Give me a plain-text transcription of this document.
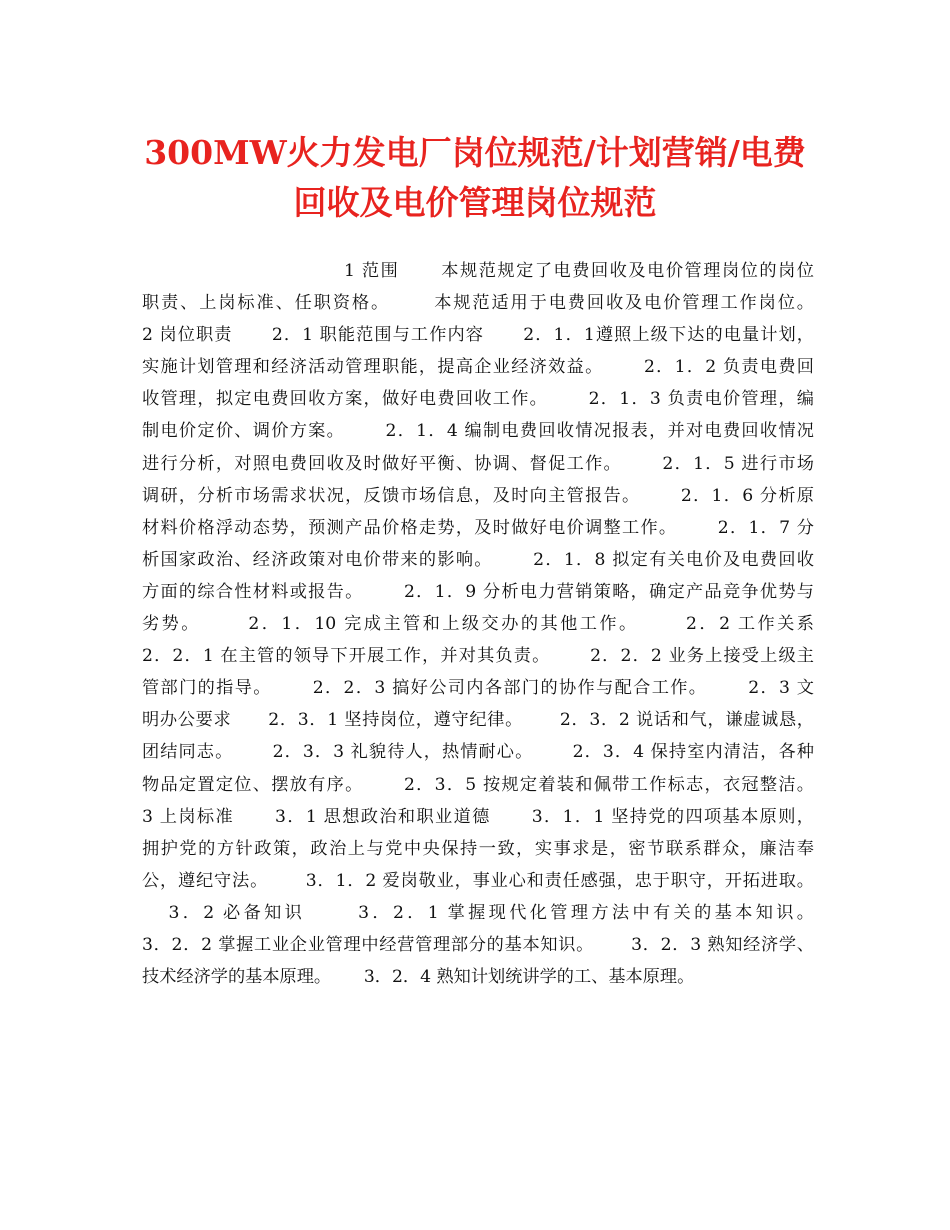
300MW火力发电厂岗位规范/计划营销/电费
回收及电价管理岗位规范
1 范围      本规范规定了电费回收及电价管理岗位的岗位
职责、上岗标准、任职资格。      本规范适用于电费回收及电价管理工作岗位。
2 岗位职责      2．1 职能范围与工作内容      2．1．1遵照上级下达的电量计划，
实施计划管理和经济活动管理职能，提高企业经济效益。      2．1．2 负责电费回
收管理，拟定电费回收方案，做好电费回收工作。      2．1．3 负责电价管理，编
制电价定价、调价方案。      2．1．4 编制电费回收情况报表，并对电费回收情况
进行分析，对照电费回收及时做好平衡、协调、督促工作。      2．1．5 进行市场
调研，分析市场需求状况，反馈市场信息，及时向主管报告。      2．1．6 分析原
材料价格浮动态势，预测产品价格走势，及时做好电价调整工作。      2．1．7 分
析国家政治、经济政策对电价带来的影响。      2．1．8 拟定有关电价及电费回收
方面的综合性材料或报告。      2．1．9 分析电力营销策略，确定产品竞争优势与
劣势。      2．1．10 完成主管和上级交办的其他工作。      2．2 工作关系
2．2．1 在主管的领导下开展工作，并对其负责。      2．2．2 业务上接受上级主
管部门的指导。      2．2．3 搞好公司内各部门的协作与配合工作。      2．3 文
明办公要求      2．3．1 坚持岗位，遵守纪律。      2．3．2 说话和气，谦虚诚恳，
团结同志。      2．3．3 礼貌待人，热情耐心。      2．3．4 保持室内清洁，各种
物品定置定位、摆放有序。      2．3．5 按规定着装和佩带工作标志，衣冠整洁。
3 上岗标准      3．1 思想政治和职业道德      3．1．1 坚持党的四项基本原则，
拥护党的方针政策，政治上与党中央保持一致，实事求是，密节联系群众，廉洁奉
公，遵纪守法。      3．1．2 爱岗敬业，事业心和责任感强，忠于职守，开拓进取。
3．2 必备知识      3．2．1 掌握现代化管理方法中有关的基本知识。
3．2．2 掌握工业企业管理中经营管理部分的基本知识。      3．2．3 熟知经济学、
技术经济学的基本原理。      3．2．4 熟知计划统讲学的工、基本原理。
